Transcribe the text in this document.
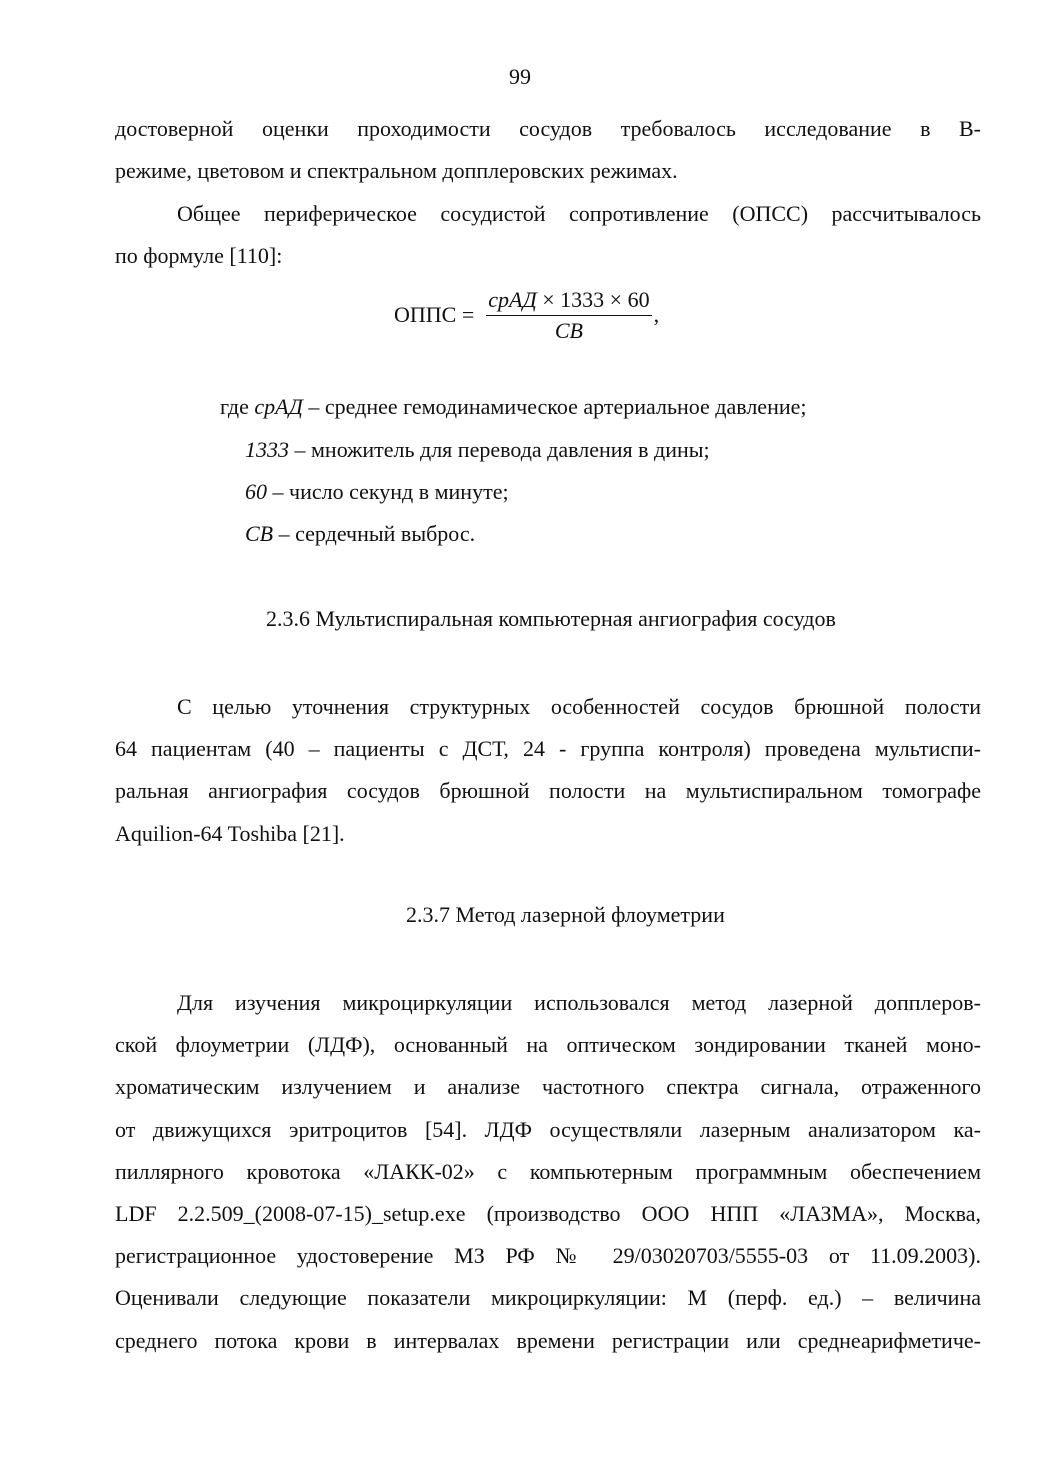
99
достоверной оценки проходимости сосудов требовалось исследование в В-
режиме, цветовом и спектральном допплеровских режимах.
Общее периферическое сосудистой сопротивление (ОПСС) рассчитывалось
по формуле [110]:
ОППС = $\frac{\text{срАД × 1333 × 60}}{СВ}$ ,
где срАД – среднее гемодинамическое артериальное давление;
1333 – множитель для перевода давления в дины;
60 – число секунд в минуте;
СВ – сердечный выброс.
2.3.6 Мультиспиральная компьютерная ангиография сосудов
С целью уточнения структурных особенностей сосудов брюшной полости
64 пациентам (40 – пациенты с ДСТ, 24 - группа контроля) проведена мультиспи-
ральная ангиография сосудов брюшной полости на мультиспиральном томографе
Aquilion-64 Toshiba [21].
2.3.7 Метод лазерной флоуметрии
Для изучения микроциркуляции использовался метод лазерной допплеров-
ской флоуметрии (ЛДФ), основанный на оптическом зондировании тканей моно-
хроматическим излучением и анализе частотного спектра сигнала, отраженного
от движущихся эритроцитов [54]. ЛДФ осуществляли лазерным анализатором ка-
пиллярного кровотока «ЛАКК-02» с компьютерным программным обеспечением
LDF 2.2.509_(2008-07-15)_setup.exe (производство ООО НПП «ЛАЗМА», Москва,
регистрационное удостоверение МЗ РФ № 29/03020703/5555-03 от 11.09.2003).
Оценивали следующие показатели микроциркуляции: М (перф. ед.) – величина
среднего потока крови в интервалах времени регистрации или среднеарифметиче-
